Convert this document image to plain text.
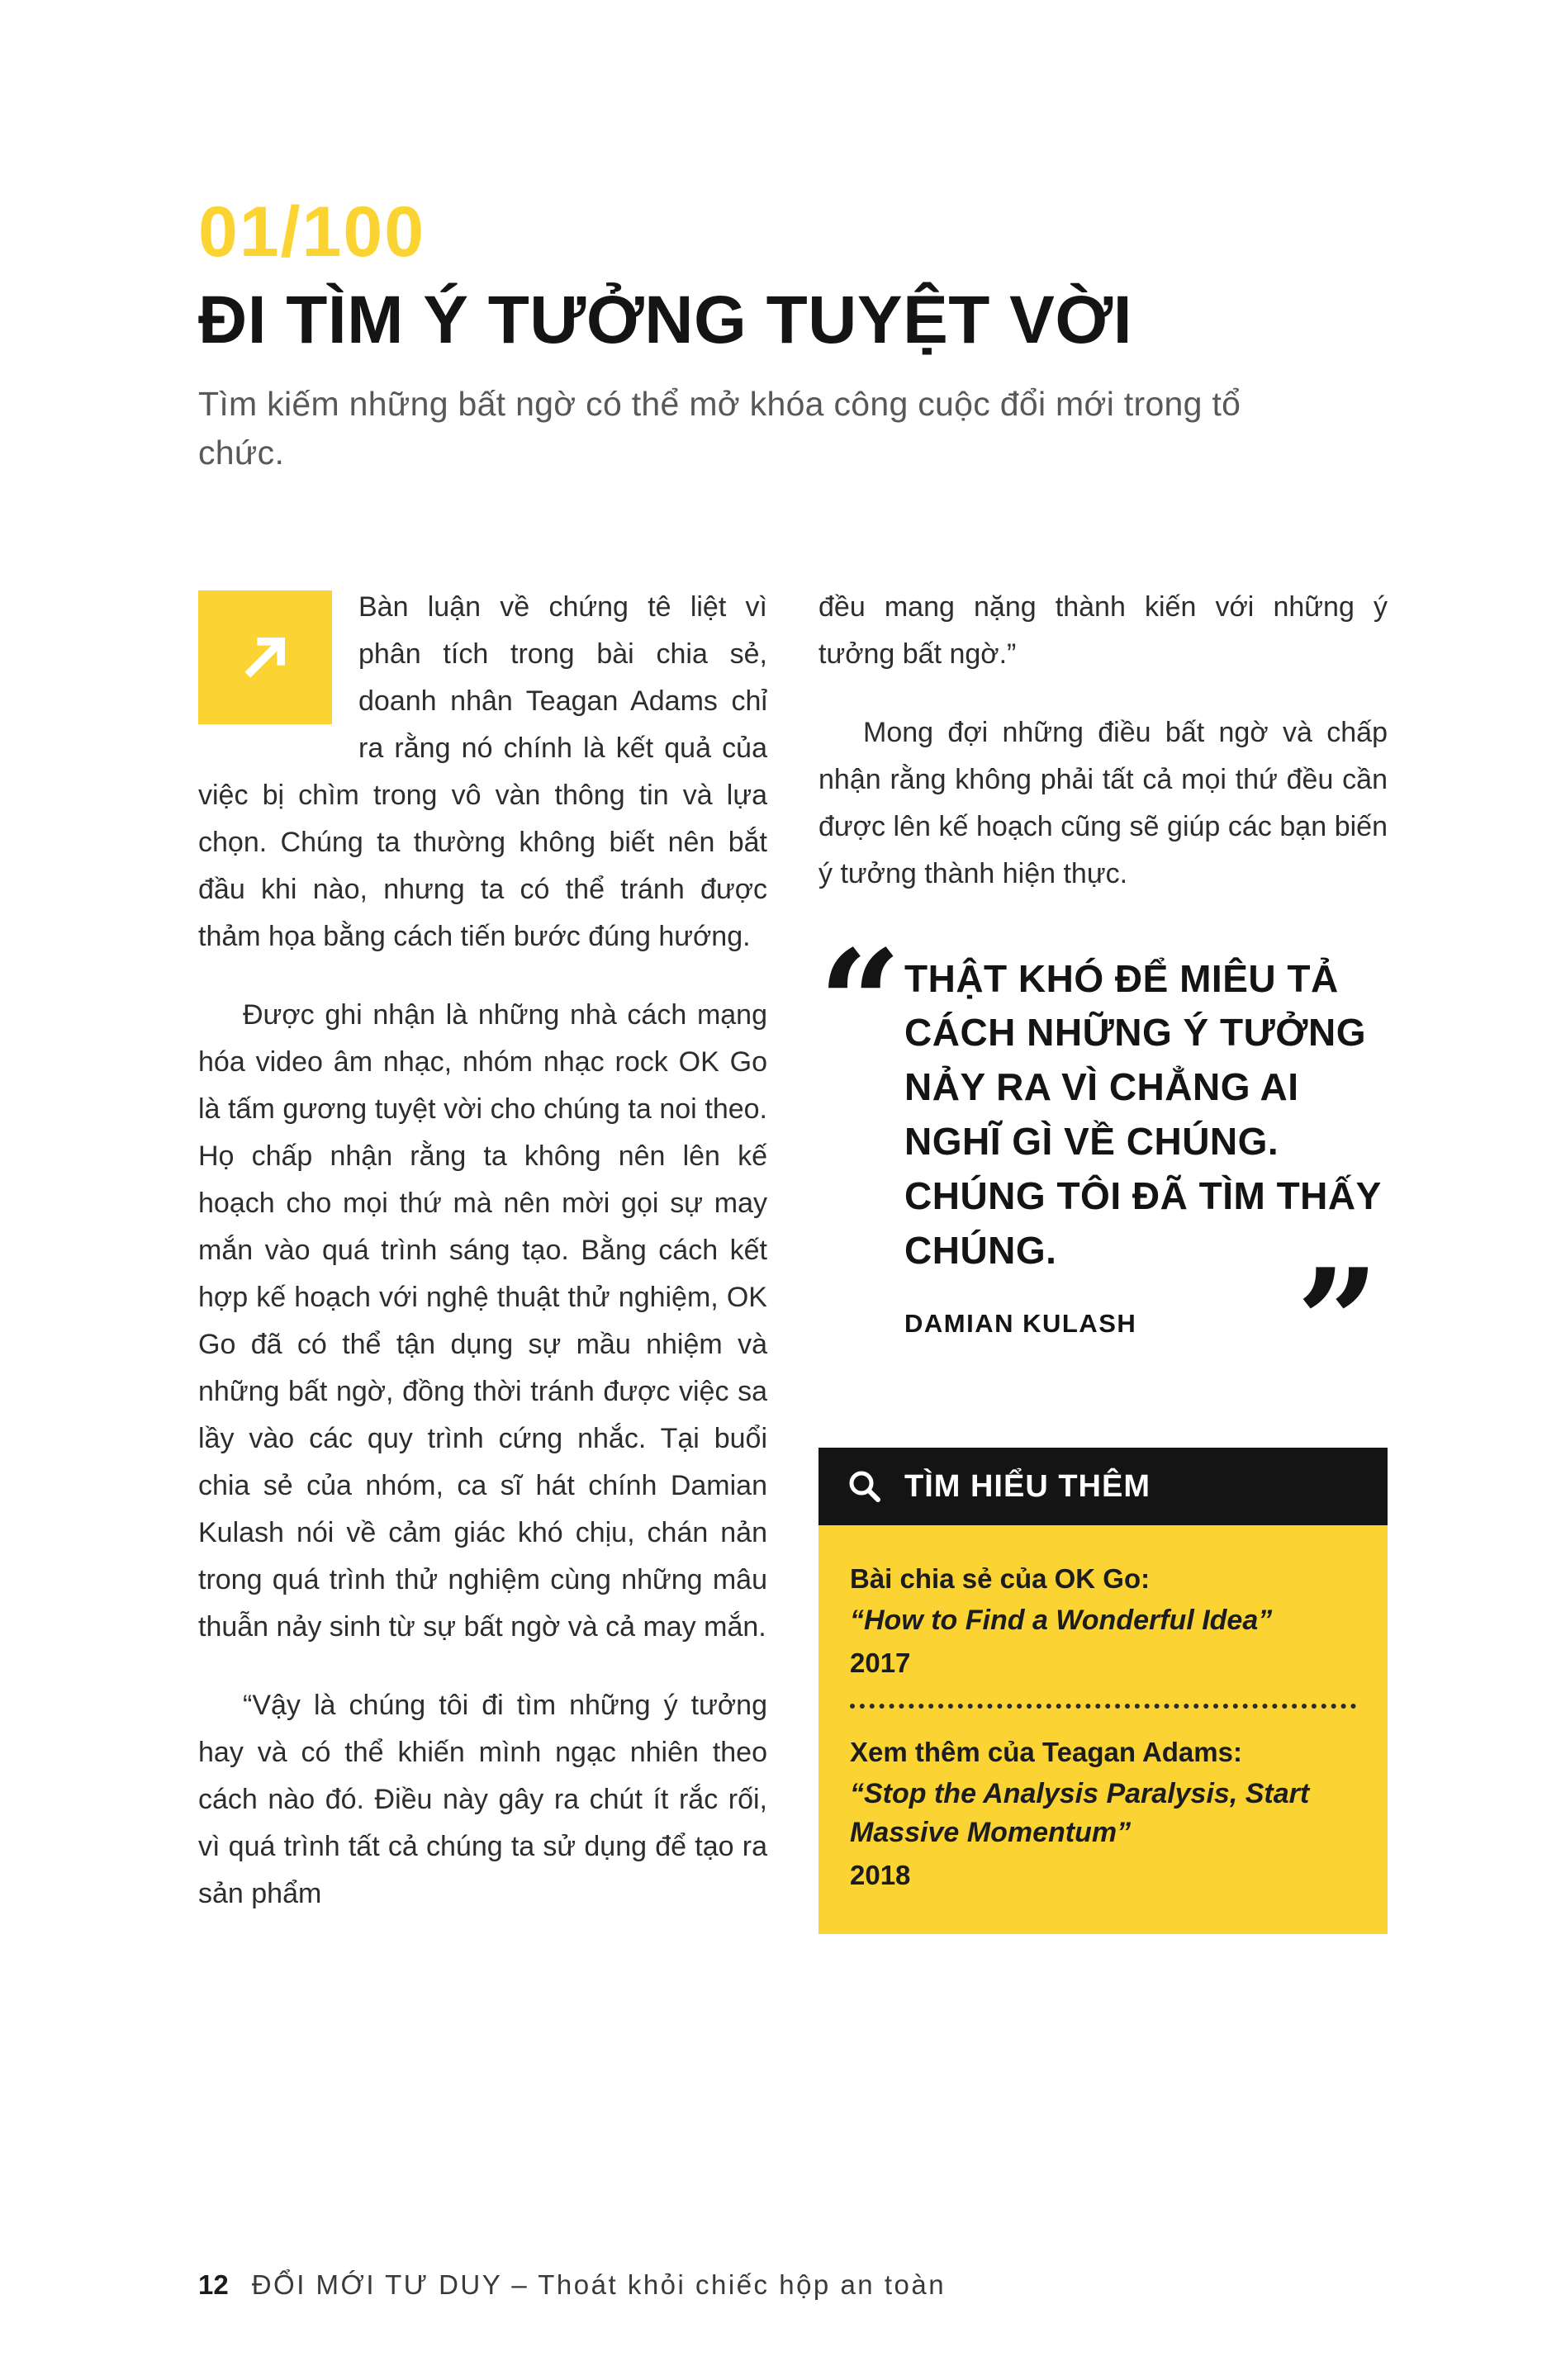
01/100
ĐI TÌM Ý TƯỞNG TUYỆT VỜI

Tìm kiếm những bất ngờ có thể mở khóa công cuộc đổi mới trong tổ chức.

Bàn luận về chứng tê liệt vì phân tích trong bài chia sẻ, doanh nhân Teagan Adams chỉ ra rằng nó chính là kết quả của việc bị chìm trong vô vàn thông tin và lựa chọn. Chúng ta thường không biết nên bắt đầu khi nào, nhưng ta có thể tránh được thảm họa bằng cách tiến bước đúng hướng.

Được ghi nhận là những nhà cách mạng hóa video âm nhạc, nhóm nhạc rock OK Go là tấm gương tuyệt vời cho chúng ta noi theo. Họ chấp nhận rằng ta không nên lên kế hoạch cho mọi thứ mà nên mời gọi sự may mắn vào quá trình sáng tạo. Bằng cách kết hợp kế hoạch với nghệ thuật thử nghiệm, OK Go đã có thể tận dụng sự mầu nhiệm và những bất ngờ, đồng thời tránh được việc sa lầy vào các quy trình cứng nhắc. Tại buổi chia sẻ của nhóm, ca sĩ hát chính Damian Kulash nói về cảm giác khó chịu, chán nản trong quá trình thử nghiệm cùng những mâu thuẫn nảy sinh từ sự bất ngờ và cả may mắn.

“Vậy là chúng tôi đi tìm những ý tưởng hay và có thể khiến mình ngạc nhiên theo cách nào đó. Điều này gây ra chút ít rắc rối, vì quá trình tất cả chúng ta sử dụng để tạo ra sản phẩm

đều mang nặng thành kiến với những ý tưởng bất ngờ.”

Mong đợi những điều bất ngờ và chấp nhận rằng không phải tất cả mọi thứ đều cần được lên kế hoạch cũng sẽ giúp các bạn biến ý tưởng thành hiện thực.

“ THẬT KHÓ ĐỂ MIÊU TẢ CÁCH NHỮNG Ý TƯỞNG NẢY RA VÌ CHẲNG AI NGHĨ GÌ VỀ CHÚNG. CHÚNG TÔI ĐÃ TÌM THẤY CHÚNG.
DAMIAN KULASH ”
TÌM HIỂU THÊM
Bài chia sẻ của OK Go:
“How to Find a Wonderful Idea”
2017
Xem thêm của Teagan Adams:
“Stop the Analysis Paralysis, Start Massive Momentum”
2018
12 ĐỔI MỚI TƯ DUY – Thoát khỏi chiếc hộp an toàn
